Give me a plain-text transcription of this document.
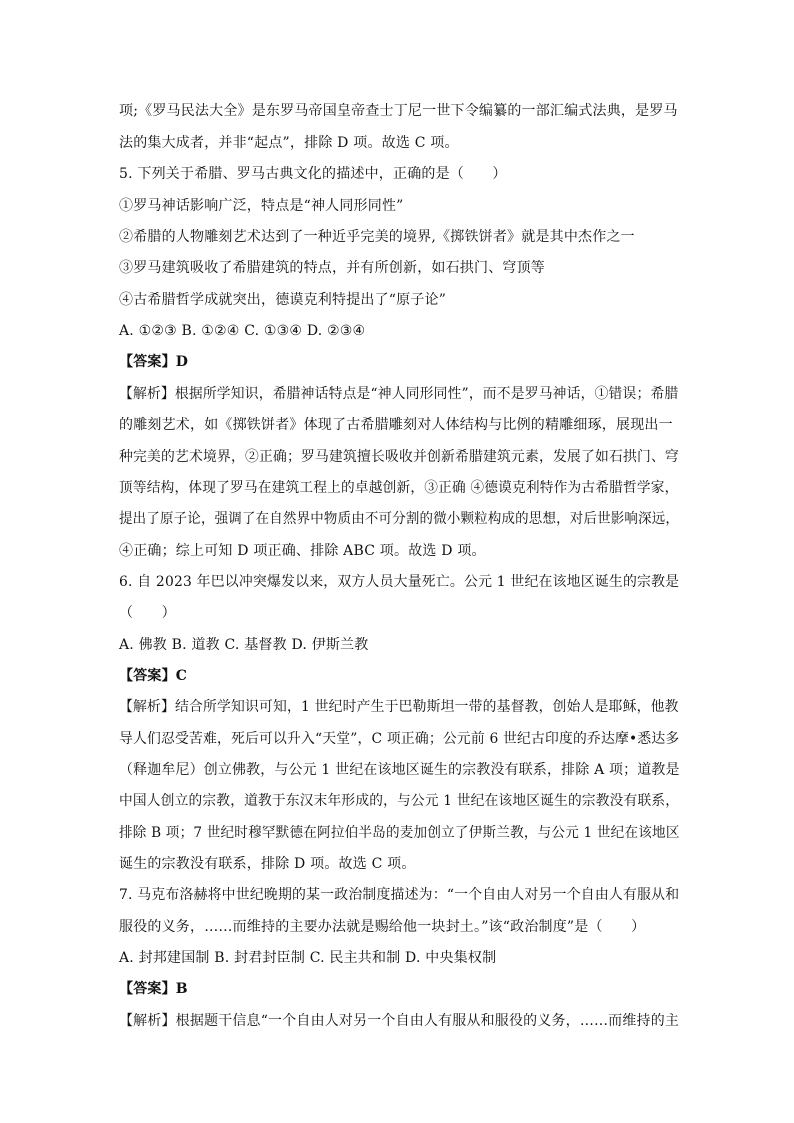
项;《罗马民法大全》是东罗马帝国皇帝查士丁尼一世下令编纂的一部汇编式法典，是罗马
法的集大成者，并非“起点”，排除 D 项。故选 C 项。
5. 下列关于希腊、罗马古典文化的描述中，正确的是（　　）
①罗马神话影响广泛，特点是“神人同形同性”
②希腊的人物雕刻艺术达到了一种近乎完美的境界,《掷铁饼者》就是其中杰作之一
③罗马建筑吸收了希腊建筑的特点，并有所创新，如石拱门、穹顶等
④古希腊哲学成就突出，德谟克利特提出了“原子论”
A. ①②③ B. ①②④ C. ①③④ D. ②③④
【答案】D
【解析】根据所学知识，希腊神话特点是“神人同形同性”，而不是罗马神话，①错误；希腊
的雕刻艺术，如《掷铁饼者》体现了古希腊雕刻对人体结构与比例的精雕细琢，展现出一
种完美的艺术境界，②正确；罗马建筑擅长吸收并创新希腊建筑元素，发展了如石拱门、穹
顶等结构，体现了罗马在建筑工程上的卓越创新，③正确 ④德谟克利特作为古希腊哲学家，
提出了原子论，强调了在自然界中物质由不可分割的微小颗粒构成的思想，对后世影响深远，
④正确；综上可知 D 项正确、排除 ABC 项。故选 D 项。
6. 自 2023 年巴以冲突爆发以来，双方人员大量死亡。公元 1 世纪在该地区诞生的宗教是
（　　）
A. 佛教 B. 道教 C. 基督教 D. 伊斯兰教
【答案】C
【解析】结合所学知识可知，1 世纪时产生于巴勒斯坦一带的基督教，创始人是耶稣，他教
导人们忍受苦难，死后可以升入“天堂”，C 项正确；公元前 6 世纪古印度的乔达摩•悉达多
（释迦牟尼）创立佛教，与公元 1 世纪在该地区诞生的宗教没有联系，排除 A 项；道教是
中国人创立的宗教，道教于东汉末年形成的，与公元 1 世纪在该地区诞生的宗教没有联系，
排除 B 项；7 世纪时穆罕默德在阿拉伯半岛的麦加创立了伊斯兰教，与公元 1 世纪在该地区
诞生的宗教没有联系，排除 D 项。故选 C 项。
7. 马克布洛赫将中世纪晚期的某一政治制度描述为：“一个自由人对另一个自由人有服从和
服役的义务，……而维持的主要办法就是赐给他一块封土。”该“政治制度”是（　　）
A. 封邦建国制 B. 封君封臣制 C. 民主共和制 D. 中央集权制
【答案】B
【解析】根据题干信息“一个自由人对另一个自由人有服从和服役的义务，……而维持的主
